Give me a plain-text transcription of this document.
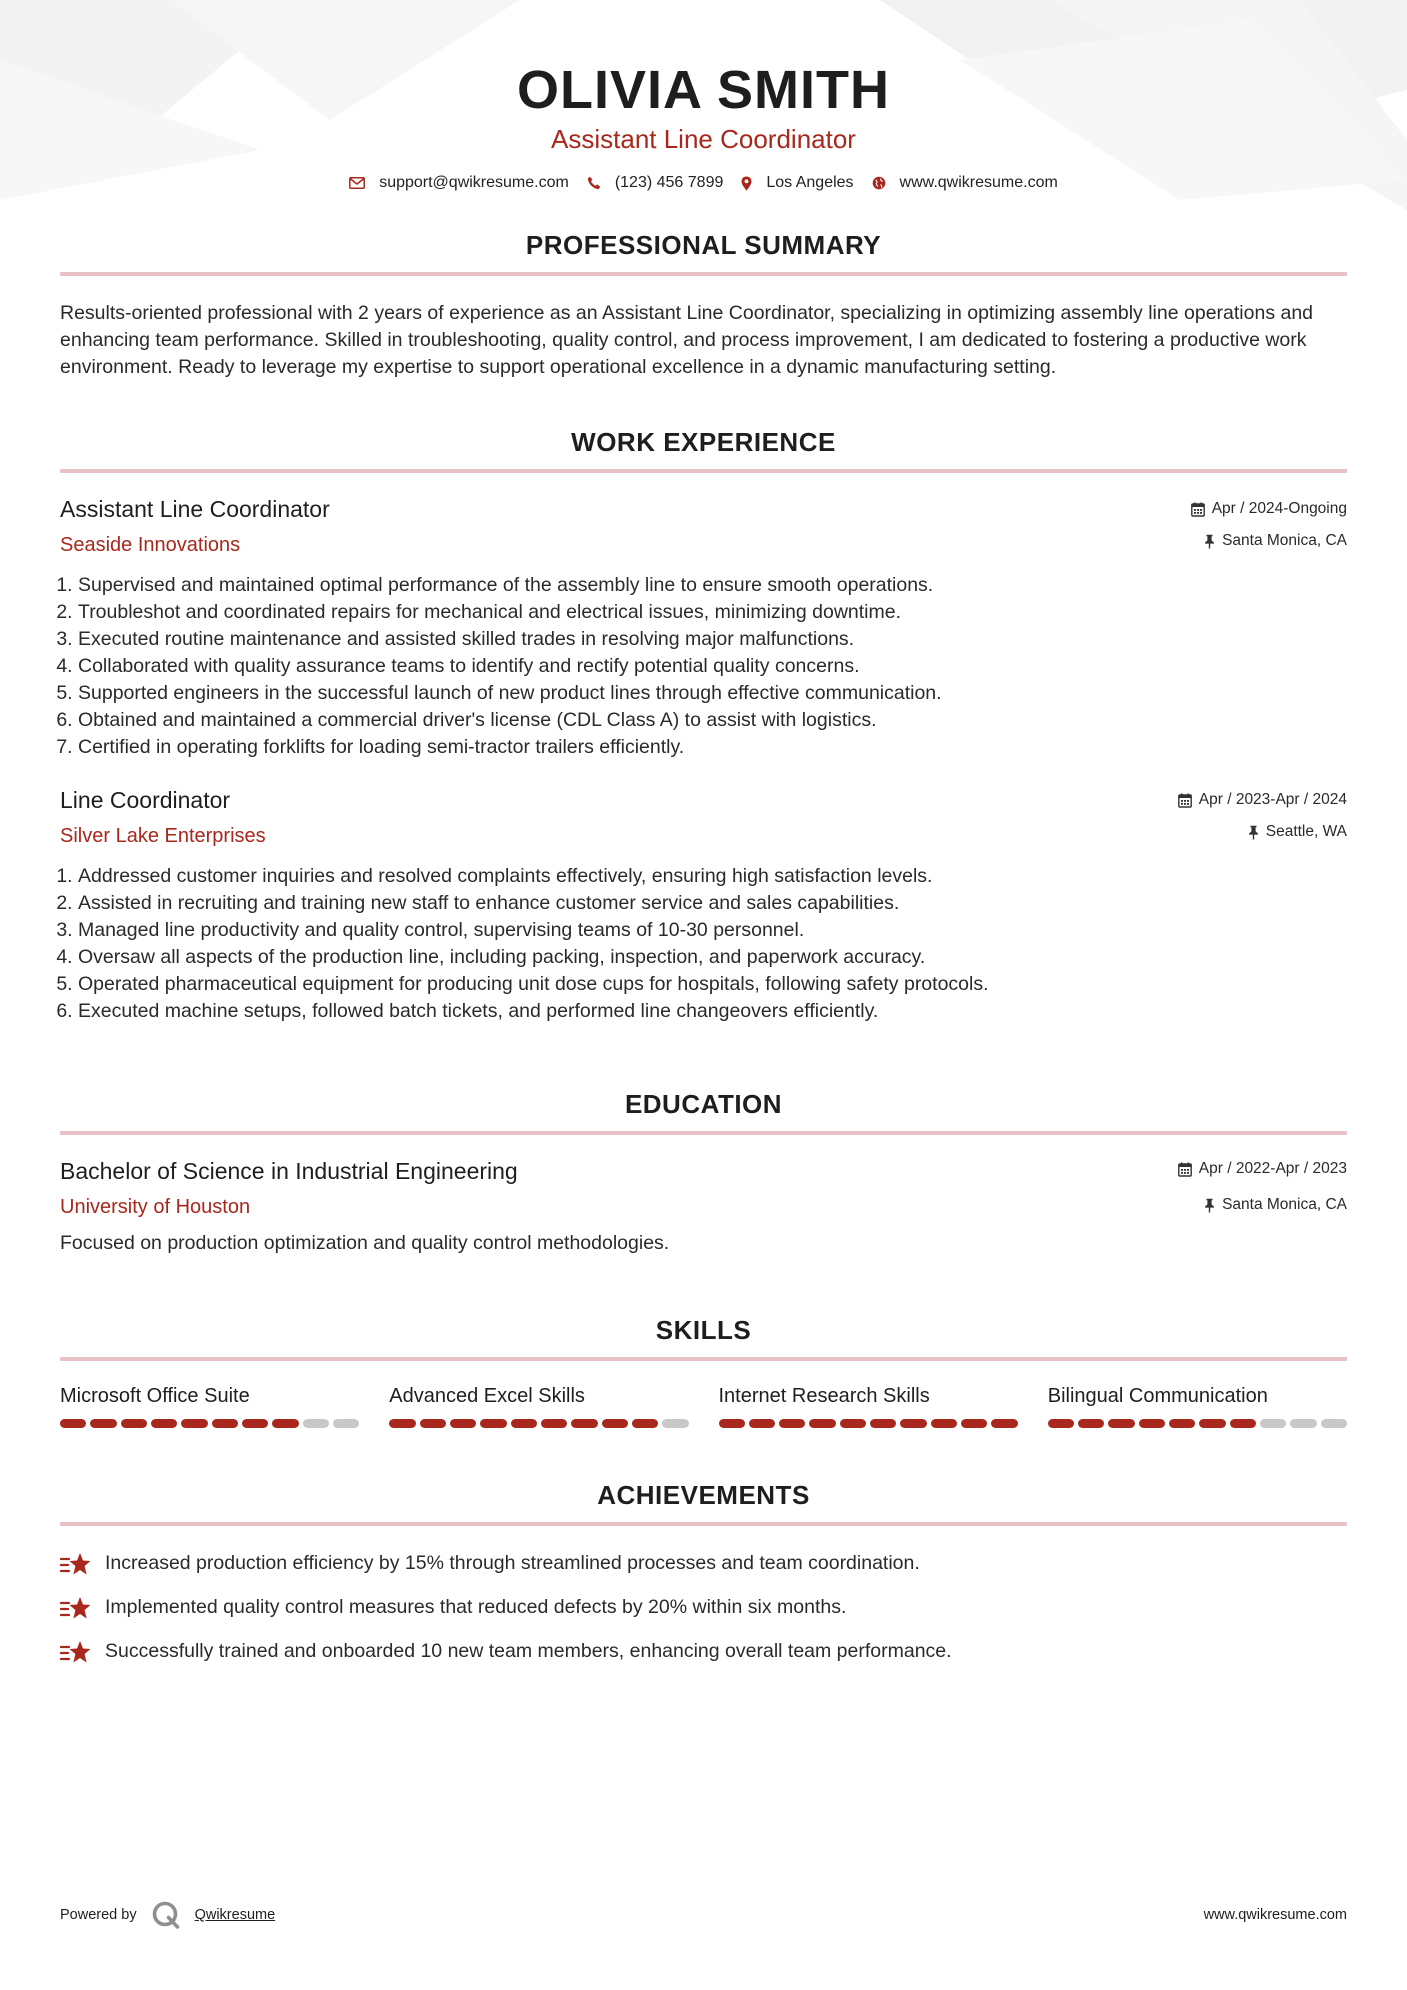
OLIVIA SMITH
Assistant Line Coordinator
support@qwikresume.com	(123) 456 7899	Los Angeles	www.qwikresume.com
PROFESSIONAL SUMMARY

Results-oriented professional with 2 years of experience as an Assistant Line Coordinator, specializing in optimizing assembly line operations and enhancing team performance. Skilled in troubleshooting, quality control, and process improvement, I am dedicated to fostering a productive work environment. Ready to leverage my expertise to support operational excellence in a dynamic manufacturing setting.

WORK EXPERIENCE
Assistant Line Coordinator
Seaside Innovations
Apr / 2024-Ongoing
Santa Monica, CA
1. Supervised and maintained optimal performance of the assembly line to ensure smooth operations.
2. Troubleshot and coordinated repairs for mechanical and electrical issues, minimizing downtime.
3. Executed routine maintenance and assisted skilled trades in resolving major malfunctions.
4. Collaborated with quality assurance teams to identify and rectify potential quality concerns.
5. Supported engineers in the successful launch of new product lines through effective communication.
6. Obtained and maintained a commercial driver's license (CDL Class A) to assist with logistics.
7. Certified in operating forklifts for loading semi-tractor trailers efficiently.
Line Coordinator
Silver Lake Enterprises
Apr / 2023-Apr / 2024
Seattle, WA
1. Addressed customer inquiries and resolved complaints effectively, ensuring high satisfaction levels.
2. Assisted in recruiting and training new staff to enhance customer service and sales capabilities.
3. Managed line productivity and quality control, supervising teams of 10-30 personnel.
4. Oversaw all aspects of the production line, including packing, inspection, and paperwork accuracy.
5. Operated pharmaceutical equipment for producing unit dose cups for hospitals, following safety protocols.
6. Executed machine setups, followed batch tickets, and performed line changeovers efficiently.
EDUCATION
Bachelor of Science in Industrial Engineering
University of Houston
Apr / 2022-Apr / 2023
Santa Monica, CA

Focused on production optimization and quality control methodologies.

SKILLS
Microsoft Office Suite	Advanced Excel Skills	Internet Research Skills	Bilingual Communication
ACHIEVEMENTS
Increased production efficiency by 15% through streamlined processes and team coordination.
Implemented quality control measures that reduced defects by 20% within six months.
Successfully trained and onboarded 10 new team members, enhancing overall team performance.
Powered by	Qwikresume	www.qwikresume.com
